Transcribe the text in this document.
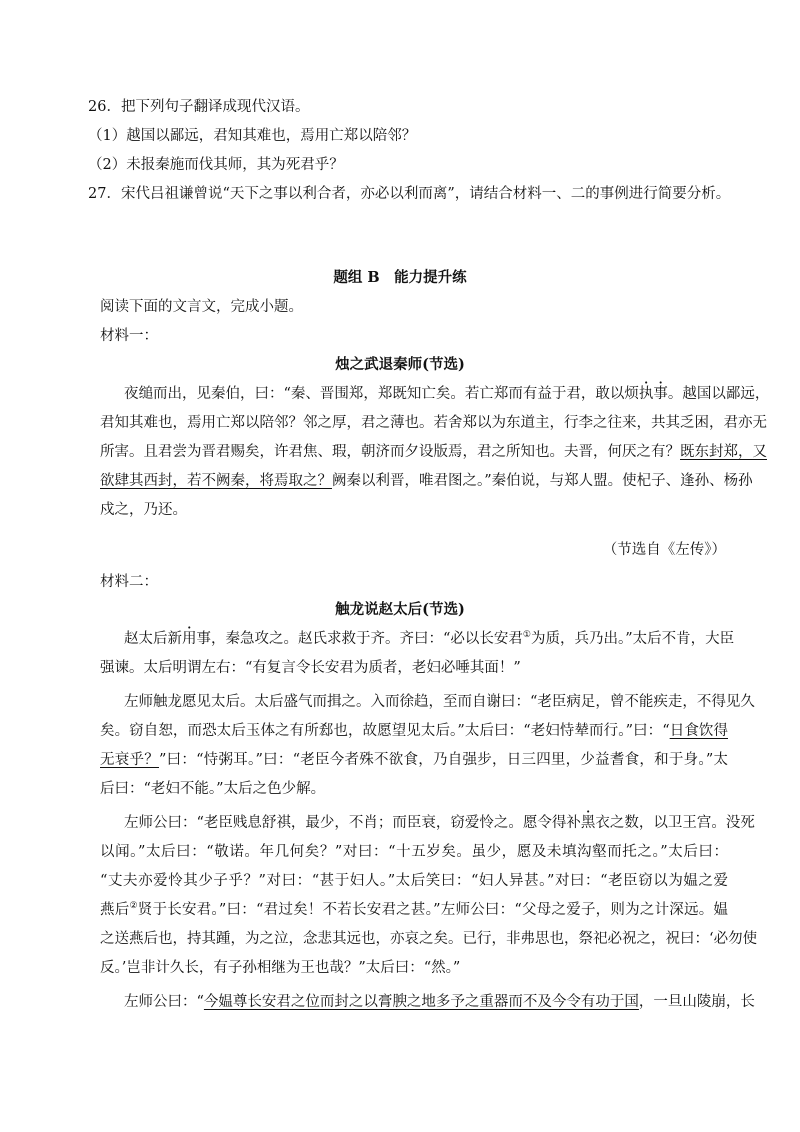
26．把下列句子翻译成现代汉语。
（1）越国以鄙远，君知其难也，焉用亡郑以陪邻？
（2）未报秦施而伐其师，其为死君乎？
27．宋代吕祖谦曾说“天下之事以利合者，亦必以利而离”，请结合材料一、二的事例进行简要分析。
题组 B　能力提升练
阅读下面的文言文，完成小题。
材料一：
烛之武退秦师(节选)
夜缒而出，见秦伯，曰：“秦、晋围郑，郑既知亡矣。若亡郑而有益于君，敢以烦执事。越国以鄙远，
君知其难也，焉用亡郑以陪邻？邻之厚，君之薄也。若舍郑以为东道主，行李之往来，共其乏困，君亦无
所害。且君尝为晋君赐矣，许君焦、瑕，朝济而夕设版焉，君之所知也。夫晋，何厌之有？既东封郑，又
欲肆其西封，若不阙秦，将焉取之？阙秦以利晋，唯君图之。”秦伯说，与郑人盟。使杞子、逢孙、杨孙
戍之，乃还。
（节选自《左传》）
材料二：
触龙说赵太后(节选)
赵太后新用事，秦急攻之。赵氏求救于齐。齐曰：“必以长安君①为质，兵乃出。”太后不肯，大臣
强谏。太后明谓左右：“有复言令长安君为质者，老妇必唾其面！”
左师触龙愿见太后。太后盛气而揖之。入而徐趋，至而自谢曰：“老臣病足，曾不能疾走，不得见久
矣。窃自恕，而恐太后玉体之有所郄也，故愿望见太后。”太后曰：“老妇恃辇而行。”曰：“日食饮得
无衰乎？”曰：“恃粥耳。”曰：“老臣今者殊不欲食，乃自强步，日三四里，少益耆食，和于身。”太
后曰：“老妇不能。”太后之色少解。
左师公曰：“老臣贱息舒祺，最少，不肖；而臣衰，窃爱怜之。愿令得补黑衣之数，以卫王宫。没死
以闻。”太后曰：“敬诺。年几何矣？”对曰：“十五岁矣。虽少，愿及未填沟壑而托之。”太后曰：
“丈夫亦爱怜其少子乎？”对曰：“甚于妇人。”太后笑曰：“妇人异甚。”对曰：“老臣窃以为媪之爱
燕后②贤于长安君。”曰：“君过矣！不若长安君之甚。”左师公曰：“父母之爱子，则为之计深远。媪
之送燕后也，持其踵，为之泣，念悲其远也，亦哀之矣。已行，非弗思也，祭祀必祝之，祝曰：‘必勿使
反。’岂非计久长，有子孙相继为王也哉？”太后曰：“然。”
左师公曰：“今媪尊长安君之位而封之以膏腴之地多予之重器而不及今令有功于国，一旦山陵崩，长
